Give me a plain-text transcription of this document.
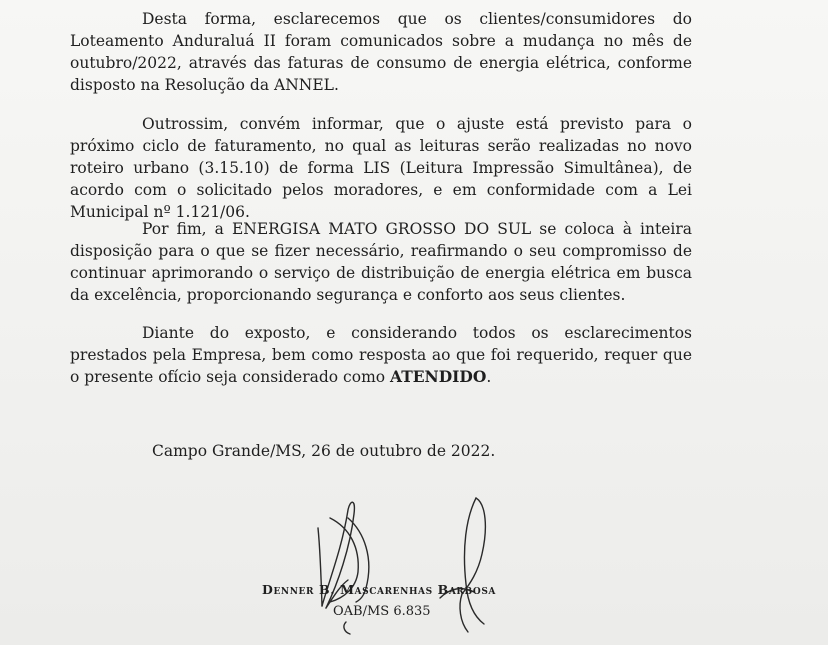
Desta forma, esclarecemos que os clientes/consumidores do Loteamento Anduraluá II foram comunicados sobre a mudança no mês de outubro/2022, através das faturas de consumo de energia elétrica, conforme disposto na Resolução da ANNEL.

Outrossim, convém informar, que o ajuste está previsto para o próximo ciclo de faturamento, no qual as leituras serão realizadas no novo roteiro urbano (3.15.10) de forma LIS (Leitura Impressão Simultânea), de acordo com o solicitado pelos moradores, e em conformidade com a Lei Municipal nº 1.121/06.

Por fim, a ENERGISA MATO GROSSO DO SUL se coloca à inteira disposição para o que se fizer necessário, reafirmando o seu compromisso de continuar aprimorando o serviço de distribuição de energia elétrica em busca da excelência, proporcionando segurança e conforto aos seus clientes.

Diante do exposto, e considerando todos os esclarecimentos prestados pela Empresa, bem como resposta ao que foi requerido, requer que o presente ofício seja considerado como ATENDIDO.

Campo Grande/MS, 26 de outubro de 2022.
Denner B. Mascarenhas Barbosa
OAB/MS 6.835
